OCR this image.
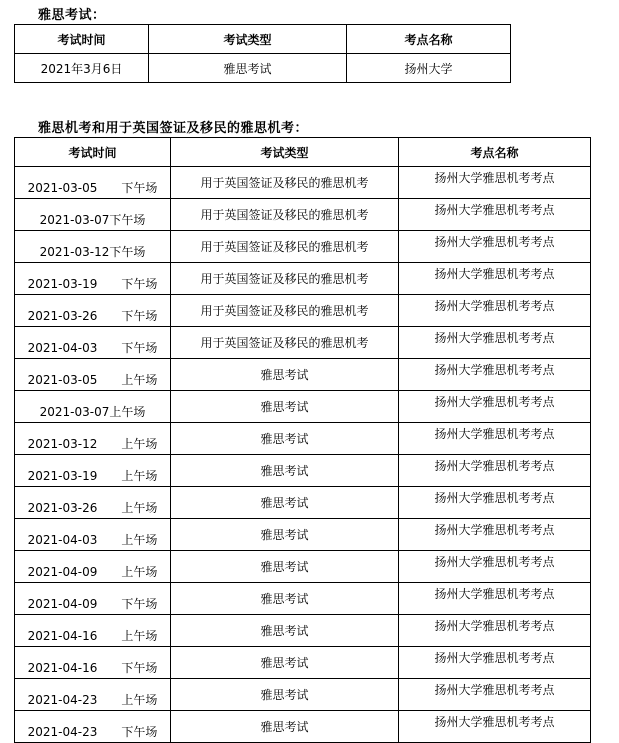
雅思考试：
考试时间	考试类型	考点名称
2021年3月6日	雅思考试	扬州大学
雅思机考和用于英国签证及移民的雅思机考：
考试时间	考试类型	考点名称
2021-03-05　　下午场	用于英国签证及移民的雅思机考	扬州大学雅思机考考点
2021-03-07下午场	用于英国签证及移民的雅思机考	扬州大学雅思机考考点
2021-03-12下午场	用于英国签证及移民的雅思机考	扬州大学雅思机考考点
2021-03-19　　下午场	用于英国签证及移民的雅思机考	扬州大学雅思机考考点
2021-03-26　　下午场	用于英国签证及移民的雅思机考	扬州大学雅思机考考点
2021-04-03　　下午场	用于英国签证及移民的雅思机考	扬州大学雅思机考考点
2021-03-05　　上午场	雅思考试	扬州大学雅思机考考点
2021-03-07上午场	雅思考试	扬州大学雅思机考考点
2021-03-12　　上午场	雅思考试	扬州大学雅思机考考点
2021-03-19　　上午场	雅思考试	扬州大学雅思机考考点
2021-03-26　　上午场	雅思考试	扬州大学雅思机考考点
2021-04-03　　上午场	雅思考试	扬州大学雅思机考考点
2021-04-09　　上午场	雅思考试	扬州大学雅思机考考点
2021-04-09　　下午场	雅思考试	扬州大学雅思机考考点
2021-04-16　　上午场	雅思考试	扬州大学雅思机考考点
2021-04-16　　下午场	雅思考试	扬州大学雅思机考考点
2021-04-23　　上午场	雅思考试	扬州大学雅思机考考点
2021-04-23　　下午场	雅思考试	扬州大学雅思机考考点
